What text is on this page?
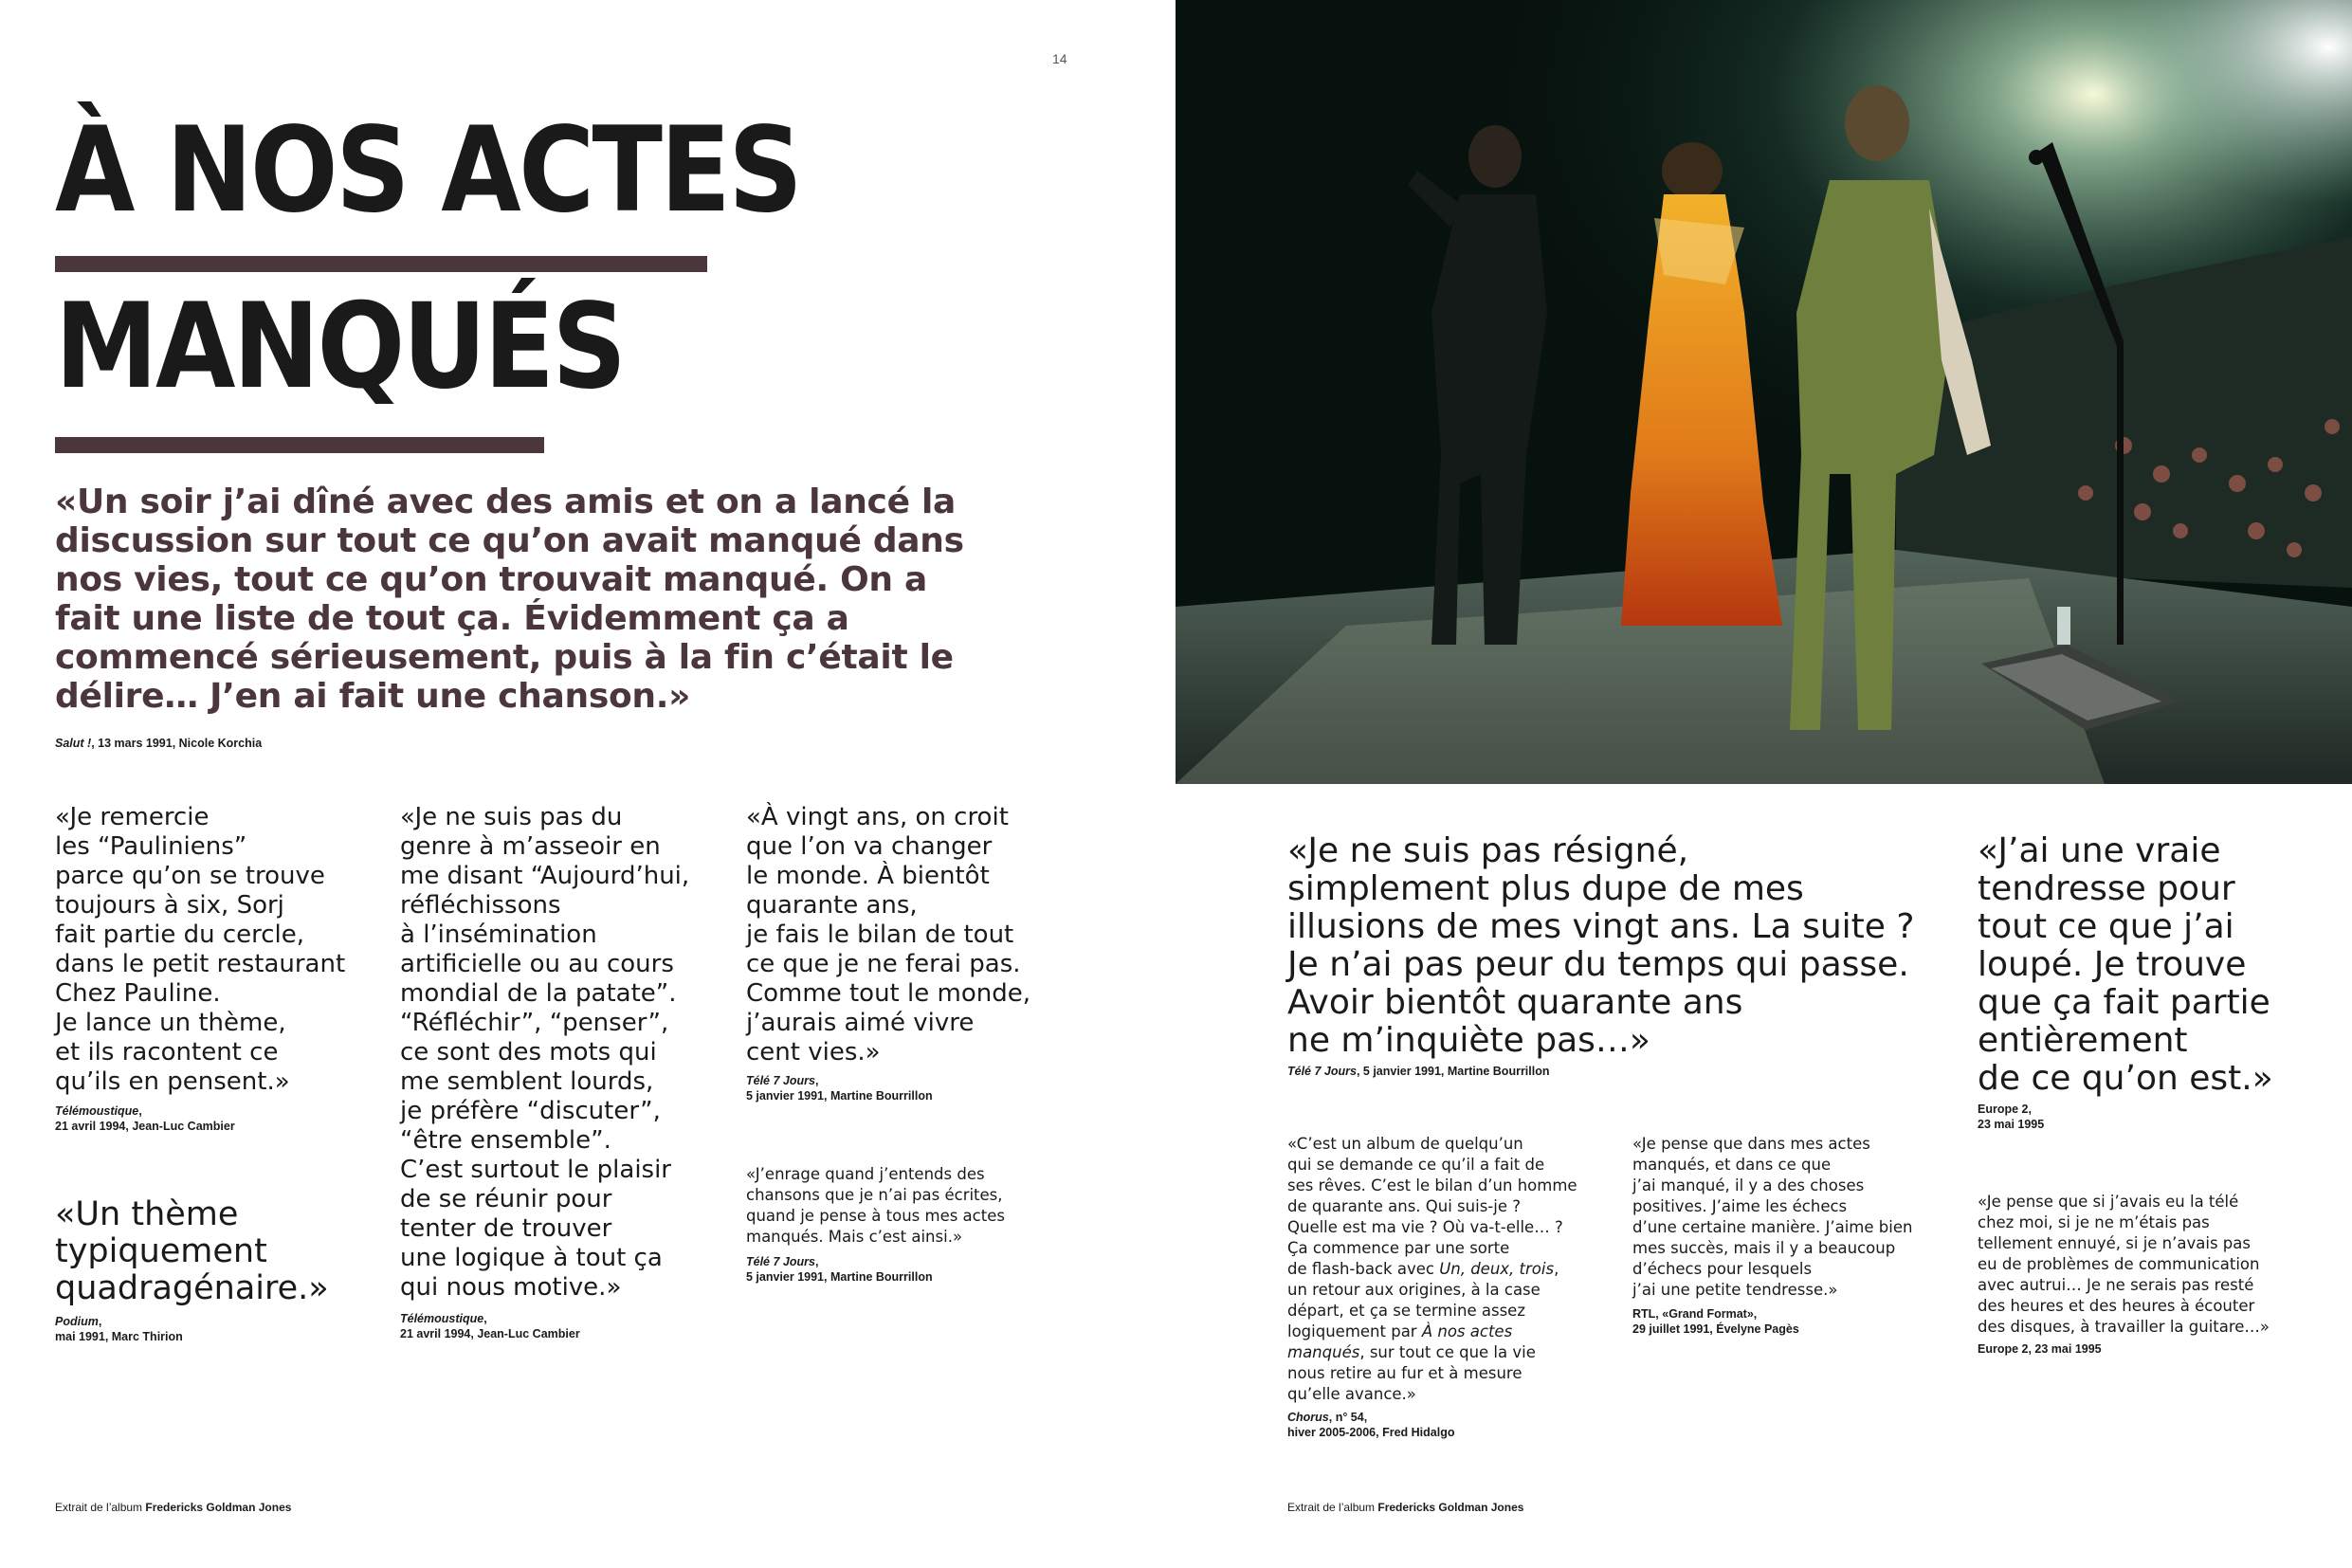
14
À NOS ACTES
MANQUÉS

«Un soir j’ai dîné avec des amis et on a lancé la discussion sur tout ce qu’on avait manqué dans nos vies, tout ce qu’on trouvait manqué. On a fait une liste de tout ça. Évidemment ça a commencé sérieusement, puis à la fin c’était le délire… J’en ai fait une chanson.»

Salut !, 13 mars 1991, Nicole Korchia

«Je remercie
les “Pauliniens”
parce qu’on se trouve
toujours à six, Sorj
fait partie du cercle,
dans le petit restaurant
Chez Pauline.
Je lance un thème,
et ils racontent ce
qu’ils en pensent.»

Télémoustique,
21 avril 1994, Jean-Luc Cambier

«Un thème
typiquement
quadragénaire.»

Podium,
mai 1991, Marc Thirion

«Je ne suis pas du
genre à m’asseoir en
me disant “Aujourd’hui,
réfléchissons
à l’insémination
artificielle ou au cours
mondial de la patate”.
“Réfléchir”, “penser”,
ce sont des mots qui
me semblent lourds,
je préfère “discuter”,
“être ensemble”.
C’est surtout le plaisir
de se réunir pour
tenter de trouver
une logique à tout ça
qui nous motive.»

Télémoustique,
21 avril 1994, Jean-Luc Cambier

«À vingt ans, on croit
que l’on va changer
le monde. À bientôt
quarante ans,
je fais le bilan de tout
ce que je ne ferai pas.
Comme tout le monde,
j’aurais aimé vivre
cent vies.»

Télé 7 Jours,
5 janvier 1991, Martine Bourrillon

«J’enrage quand j’entends des
chansons que je n’ai pas écrites,
quand je pense à tous mes actes
manqués. Mais c’est ainsi.»

Télé 7 Jours,
5 janvier 1991, Martine Bourrillon

Extrait de l’album Fredericks Goldman Jones

«Je ne suis pas résigné,
simplement plus dupe de mes
illusions de mes vingt ans. La suite ?
Je n’ai pas peur du temps qui passe.
Avoir bientôt quarante ans
ne m’inquiète pas…»

Télé 7 Jours, 5 janvier 1991, Martine Bourrillon

«J’ai une vraie
tendresse pour
tout ce que j’ai
loupé. Je trouve
que ça fait partie
entièrement
de ce qu’on est.»

Europe 2,
23 mai 1995

«C’est un album de quelqu’un
qui se demande ce qu’il a fait de
ses rêves. C’est le bilan d’un homme
de quarante ans. Qui suis-je ?
Quelle est ma vie ? Où va-t-elle… ?
Ça commence par une sorte
de flash-back avec Un, deux, trois,
un retour aux origines, à la case
départ, et ça se termine assez
logiquement par À nos actes
manqués, sur tout ce que la vie
nous retire au fur et à mesure
qu’elle avance.»

Chorus, n° 54,
hiver 2005-2006, Fred Hidalgo

«Je pense que dans mes actes
manqués, et dans ce que
j’ai manqué, il y a des choses
positives. J’aime les échecs
d’une certaine manière. J’aime bien
mes succès, mais il y a beaucoup
d’échecs pour lesquels
j’ai une petite tendresse.»

RTL, «Grand Format»,
29 juillet 1991, Évelyne Pagès

«Je pense que si j’avais eu la télé
chez moi, si je ne m’étais pas
tellement ennuyé, si je n’avais pas
eu de problèmes de communication
avec autrui… Je ne serais pas resté
des heures et des heures à écouter
des disques, à travailler la guitare…»

Europe 2, 23 mai 1995

Extrait de l’album Fredericks Goldman Jones
